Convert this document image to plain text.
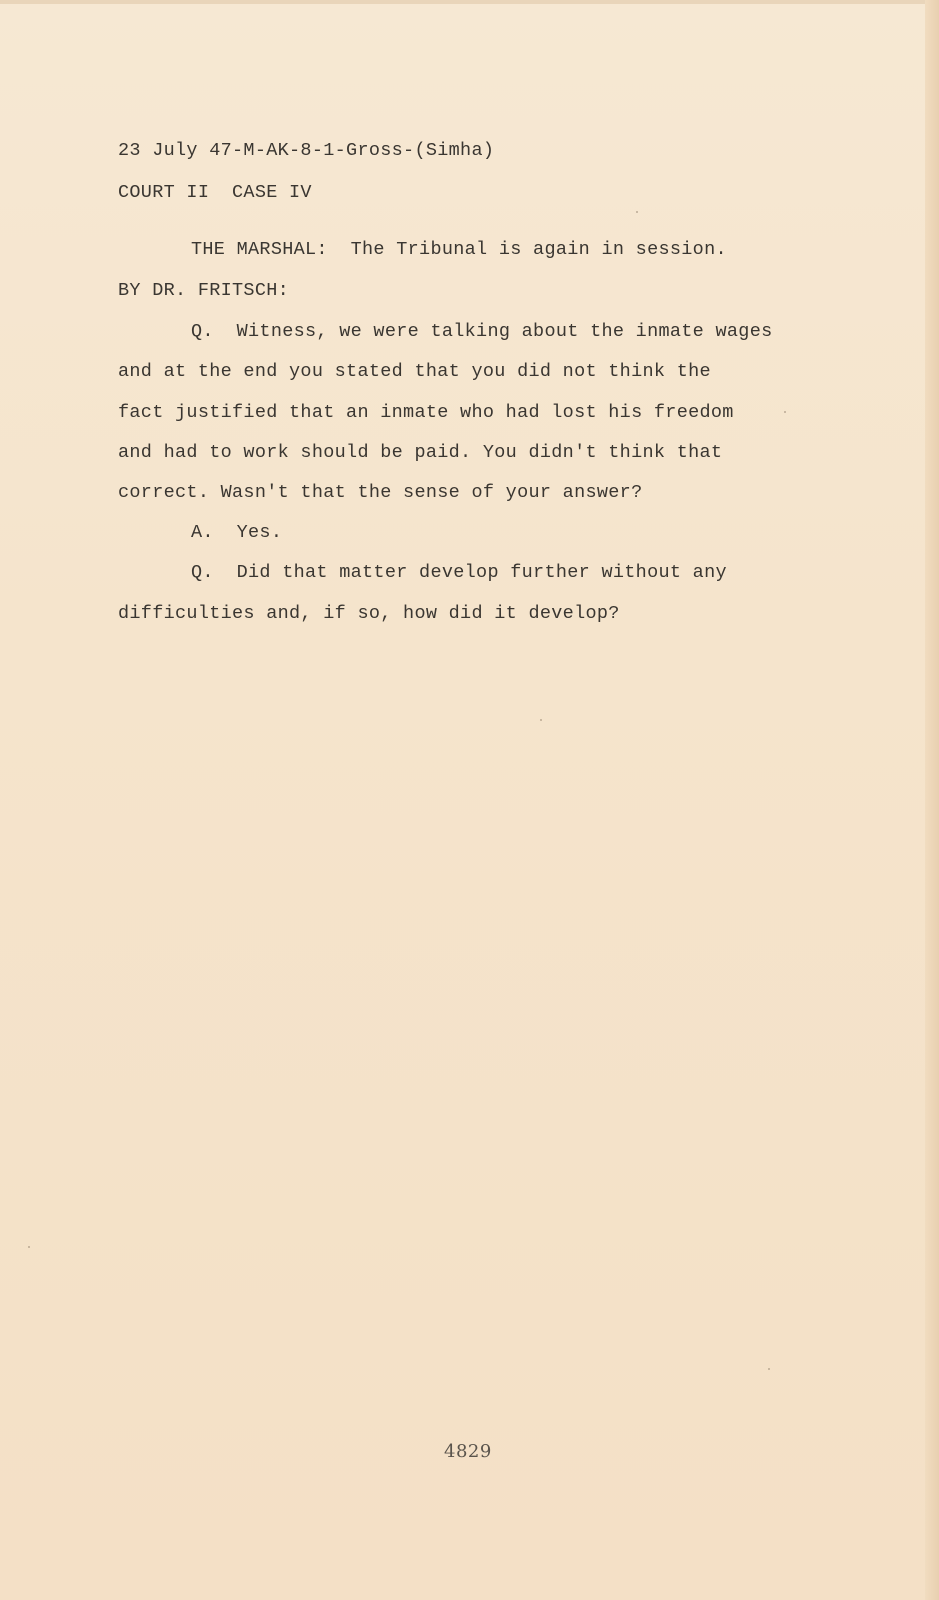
23 July 47-M-AK-8-1-Gross-(Simha)
COURT II  CASE IV
THE MARSHAL:  The Tribunal is again in session.
BY DR. FRITSCH:
Q.  Witness, we were talking about the inmate wages
and at the end you stated that you did not think the
fact justified that an inmate who had lost his freedom
and had to work should be paid. You didn't think that
correct. Wasn't that the sense of your answer?
A.  Yes.
Q.  Did that matter develop further without any
difficulties and, if so, how did it develop?
4829
